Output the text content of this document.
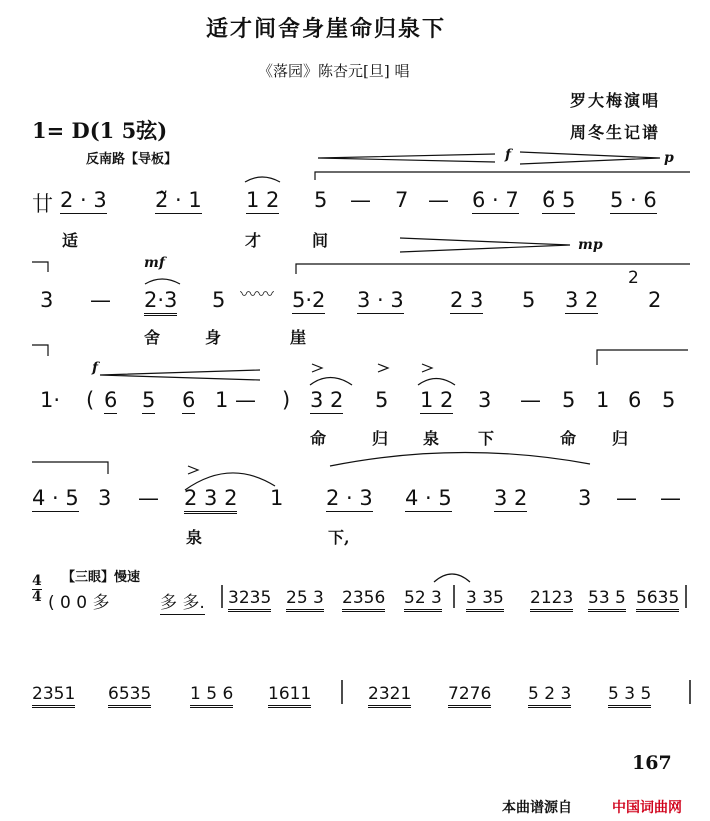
适才间舍身崖命归泉下
《落园》陈杏元[旦] 唱
罗大梅演唱
周冬生记谱
1= D(1 5弦)
反南路【导板】	f	p
mp
mf
f
廿 2 · 3 2̃ · 1 1 2 5 — 7 — 6 · 7 6̃ 5 5 · 6
适	才	间
3 — 2·3 5 〰〰 5·2 3 · 3 2 3 5 3 2
2
2
舍	身	崖
1· ( 6 5 6 1 — ) 3 2 5 1 2 3 — 5 1 6 5
命	归 泉 下	命 归
4 · 5 3 — 2 3 2 1 2 · 3 4 · 5 3 2 3 — —
泉	下,
【三眼】慢速
4
4 ( 0 0 多	多 多. 3235 25 3 2356 52 3 3 35 2123 53 5 5635
2351 6535 1 5 6 1611	2321 7276 5 2 3 5 3 5
167
本曲谱源自	中国词曲网
